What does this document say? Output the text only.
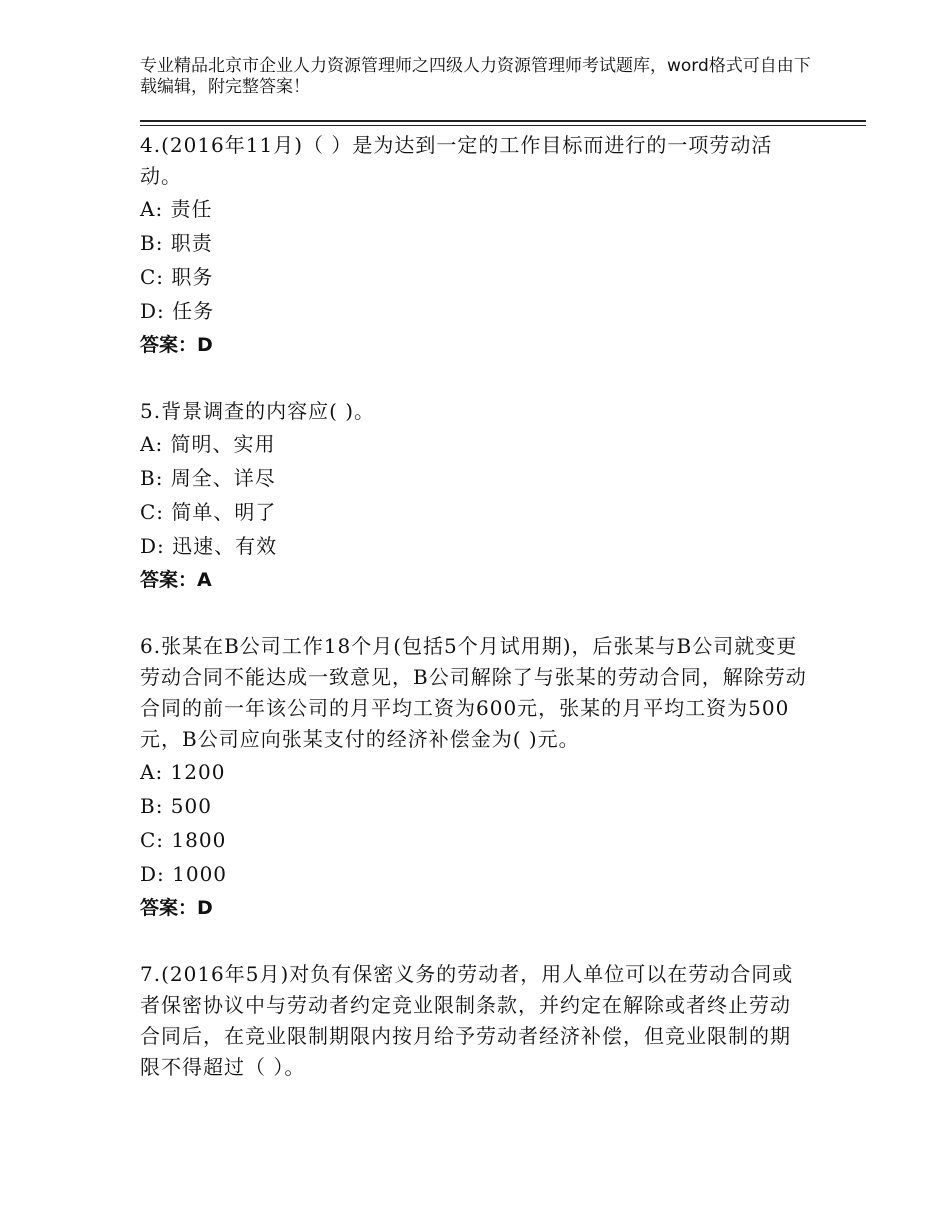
专业精品北京市企业人力资源管理师之四级人力资源管理师考试题库，word格式可自由下载编辑，附完整答案！

4.(2016年11月)（ ）是为达到一定的工作目标而进行的一项劳动活动。

A: 责任

B: 职责

C: 职务

D: 任务

答案：D

5.背景调查的内容应( )。

A: 简明、实用

B: 周全、详尽

C: 简单、明了

D: 迅速、有效

答案：A

6.张某在B公司工作18个月(包括5个月试用期)，后张某与B公司就变更劳动合同不能达成一致意见，B公司解除了与张某的劳动合同，解除劳动合同的前一年该公司的月平均工资为600元，张某的月平均工资为500元，B公司应向张某支付的经济补偿金为( )元。

A: 1200

B: 500

C: 1800

D: 1000

答案：D

7.(2016年5月)对负有保密义务的劳动者，用人单位可以在劳动合同或者保密协议中与劳动者约定竞业限制条款，并约定在解除或者终止劳动合同后，在竞业限制期限内按月给予劳动者经济补偿，但竞业限制的期限不得超过（ ）。
